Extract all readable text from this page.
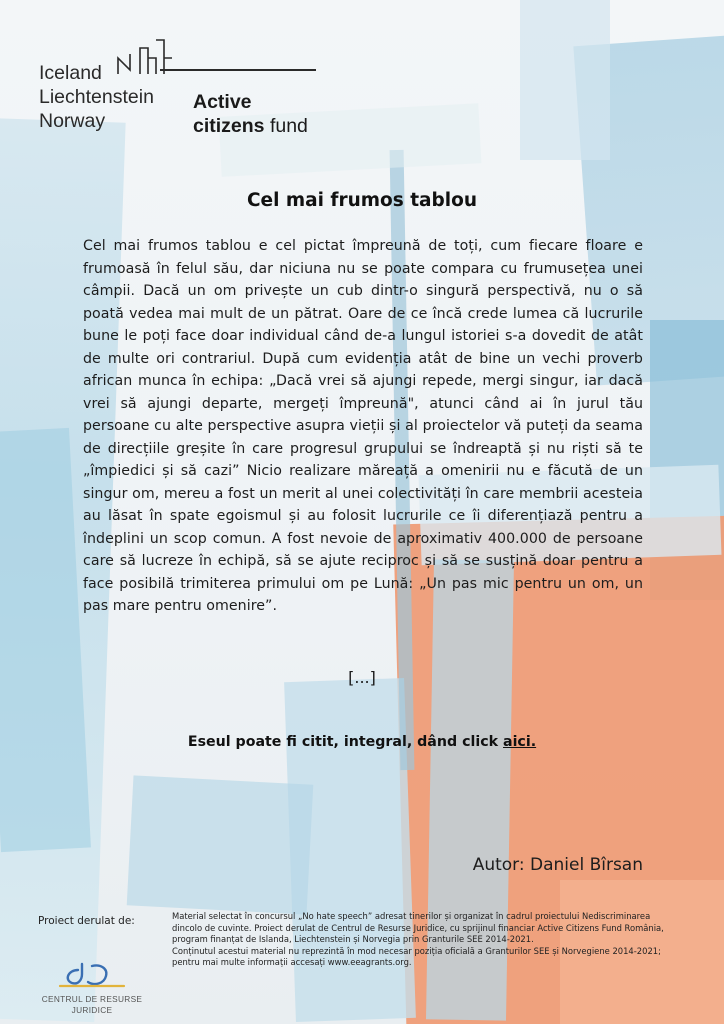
Iceland
Liechtenstein
Norway
Active
citizens fund
Cel mai frumos tablou
Cel mai frumos tablou e cel pictat împreună de toți, cum fiecare floare e frumoasă în felul său, dar niciuna nu se poate compara cu frumusețea unei câmpii. Dacă un om privește un cub dintr-o singură perspectivă, nu o să poată vedea mai mult de un pătrat. Oare de ce încă crede lumea că lucrurile bune le poți face doar individual când de-a lungul istoriei s-a dovedit de atât de multe ori contrariul. După cum evidenția atât de bine un vechi proverb african munca în echipa: „Dacă vrei să ajungi repede, mergi singur, iar dacă vrei să ajungi departe, mergeți împreună", atunci când ai în jurul tău persoane cu alte perspective asupra vieții și al proiectelor vă puteți da seama de direcțiile greșite în care progresul grupului se îndreaptă și nu riști să te „împiedici și să cazi” Nicio realizare măreață a omenirii nu e făcută de un singur om, mereu a fost un merit al unei colectivități în care membrii acesteia au lăsat în spate egoismul și au folosit lucrurile ce îi diferențiază pentru a îndeplini un scop comun. A fost nevoie de aproximativ 400.000 de persoane care să lucreze în echipă, să se ajute reciproc și să se susțină doar pentru a face posibilă trimiterea primului om pe Lună: „Un pas mic pentru un om, un pas mare pentru omenire”.
[...]
Eseul poate fi citit, integral, dând click aici.
Autor: Daniel Bîrsan
Proiect derulat de:	Material selectat în concursul „No hate speech” adresat tinerilor și organizat în cadrul proiectului Nediscriminarea dincolo de cuvinte. Proiect derulat de Centrul de Resurse Juridice, cu sprijinul financiar Active Citizens Fund România, program finanțat de Islanda, Liechtenstein și Norvegia prin Granturile SEE 2014-2021.
Conținutul acestui material nu reprezintă în mod necesar poziția oficială a Granturilor SEE și Norvegiene 2014-2021; pentru mai multe informații accesați www.eeagrants.org.
CENTRUL DE RESURSE
JURIDICE
